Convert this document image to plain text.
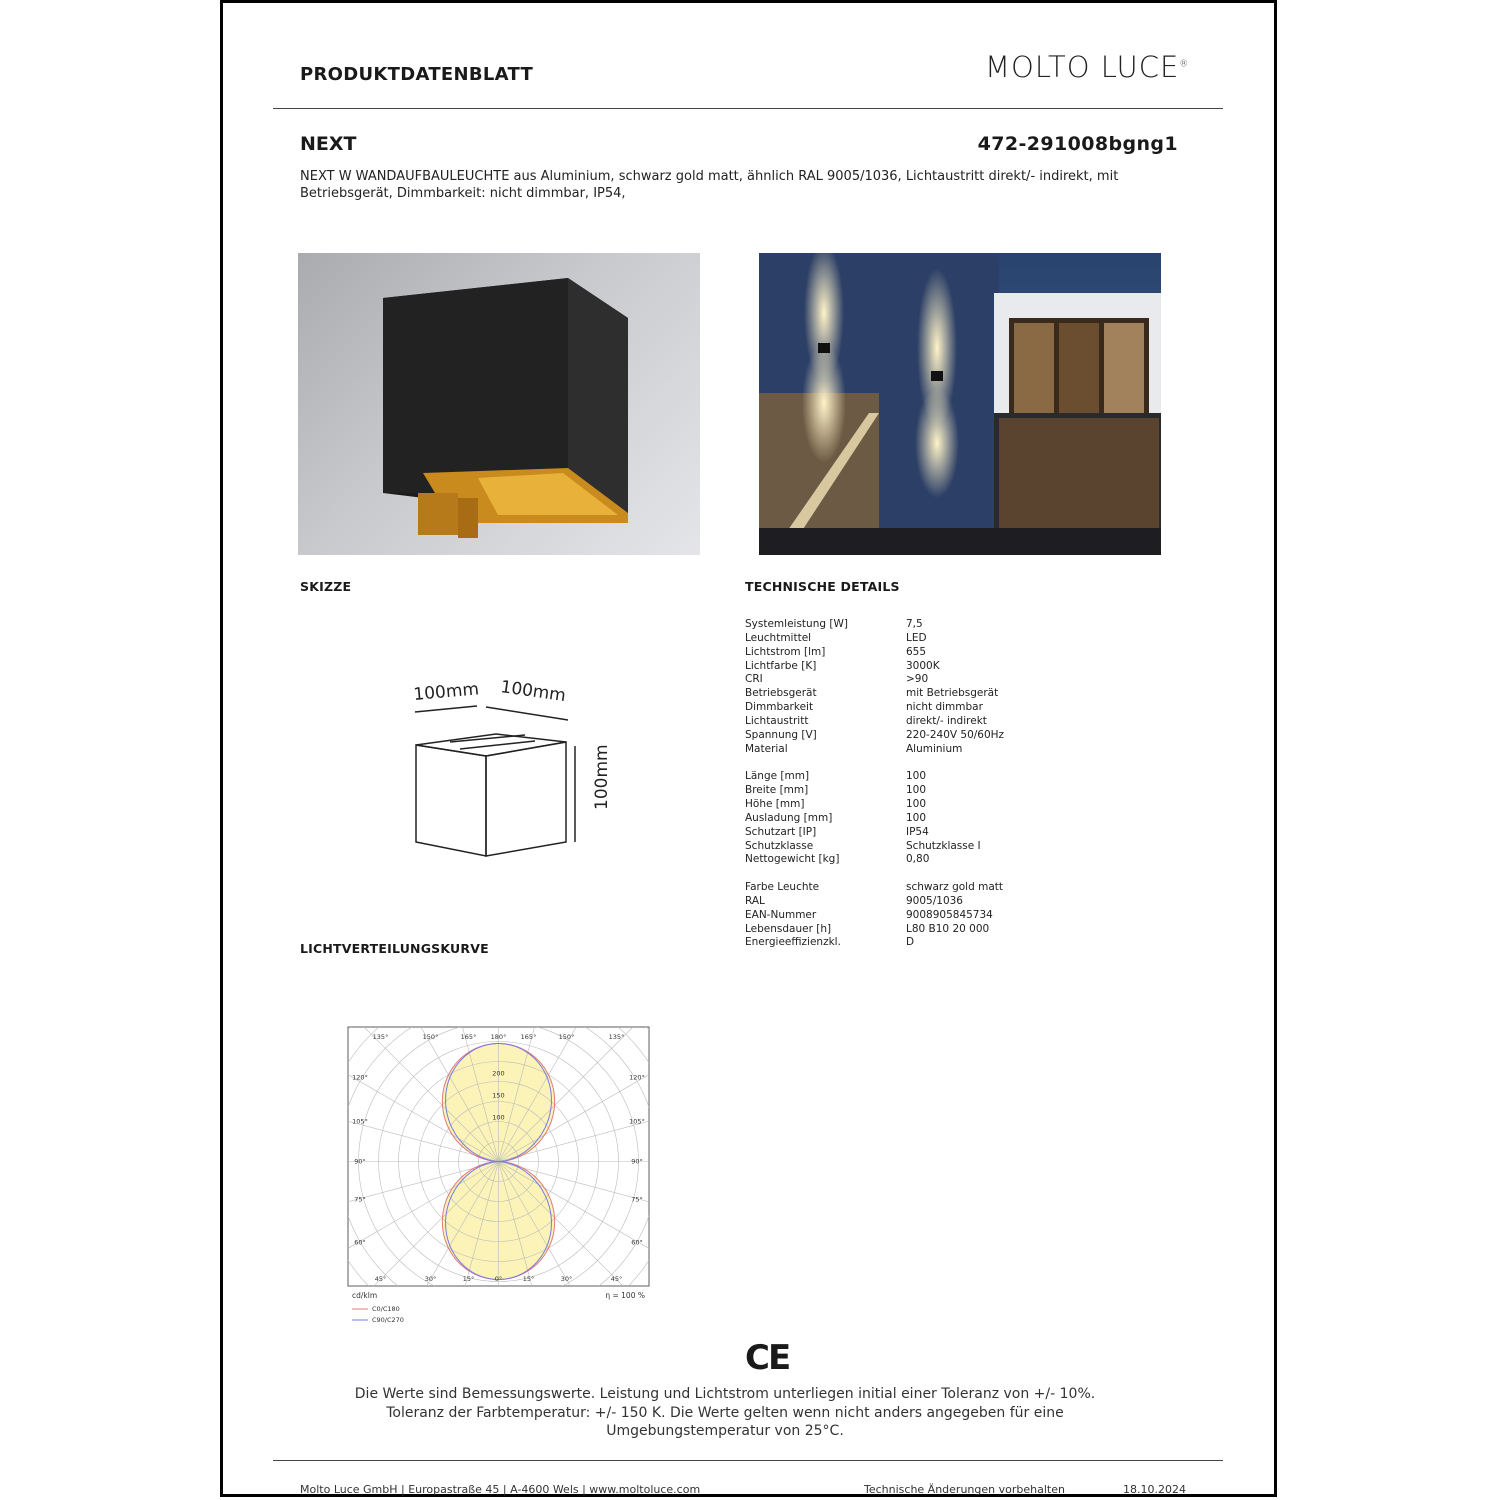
PRODUKTDATENBLATT	MOLTO LUCE®
NEXT	472-291008bgng1
NEXT W WANDAUFBAULEUCHTE aus Aluminium, schwarz gold matt, ähnlich RAL 9005/1036, Lichtaustritt direkt/- indirekt, mit Betriebsgerät, Dimmbarkeit: nicht dimmbar, IP54,
SKIZZE	TECHNISCHE DETAILS
100mm 100mm
100mm
Systemleistung [W]	7,5
Leuchtmittel	LED
Lichtstrom [lm]	655
Lichtfarbe [K]	3000K
CRI	>90
Betriebsgerät	mit Betriebsgerät
Dimmbarkeit	nicht dimmbar
Lichtaustritt	direkt/- indirekt
Spannung [V]	220-240V 50/60Hz
Material	Aluminium
Länge [mm]	100
Breite [mm]	100
Höhe [mm]	100
Ausladung [mm]	100
Schutzart [IP]	IP54
Schutzklasse	Schutzklasse I
Nettogewicht [kg]	0,80
Farbe Leuchte	schwarz gold matt
RAL	9005/1036
EAN-Nummer	9008905845734
Lebensdauer [h]	L80 B10 20 000
Energieeffizienzkl.	D
LICHTVERTEILUNGSKURVE
135°	150°	165° 180° 165°	150°	135°
45°	30°	15°	0°	15°	30°	45°
120°
105°
90°
75°
60°
120°
105°
90°
75°
60°
200
150
100
cd/klm	η = 100 %
C0/C180
C90/C270
CE
Die Werte sind Bemessungswerte. Leistung und Lichtstrom unterliegen initial einer Toleranz von +/- 10%.
Toleranz der Farbtemperatur: +/- 150 K. Die Werte gelten wenn nicht anders angegeben für eine
Umgebungstemperatur von 25°C.
Molto Luce GmbH | Europastraße 45 | A-4600 Wels | www.moltoluce.com	Technische Änderungen vorbehalten	18.10.2024
